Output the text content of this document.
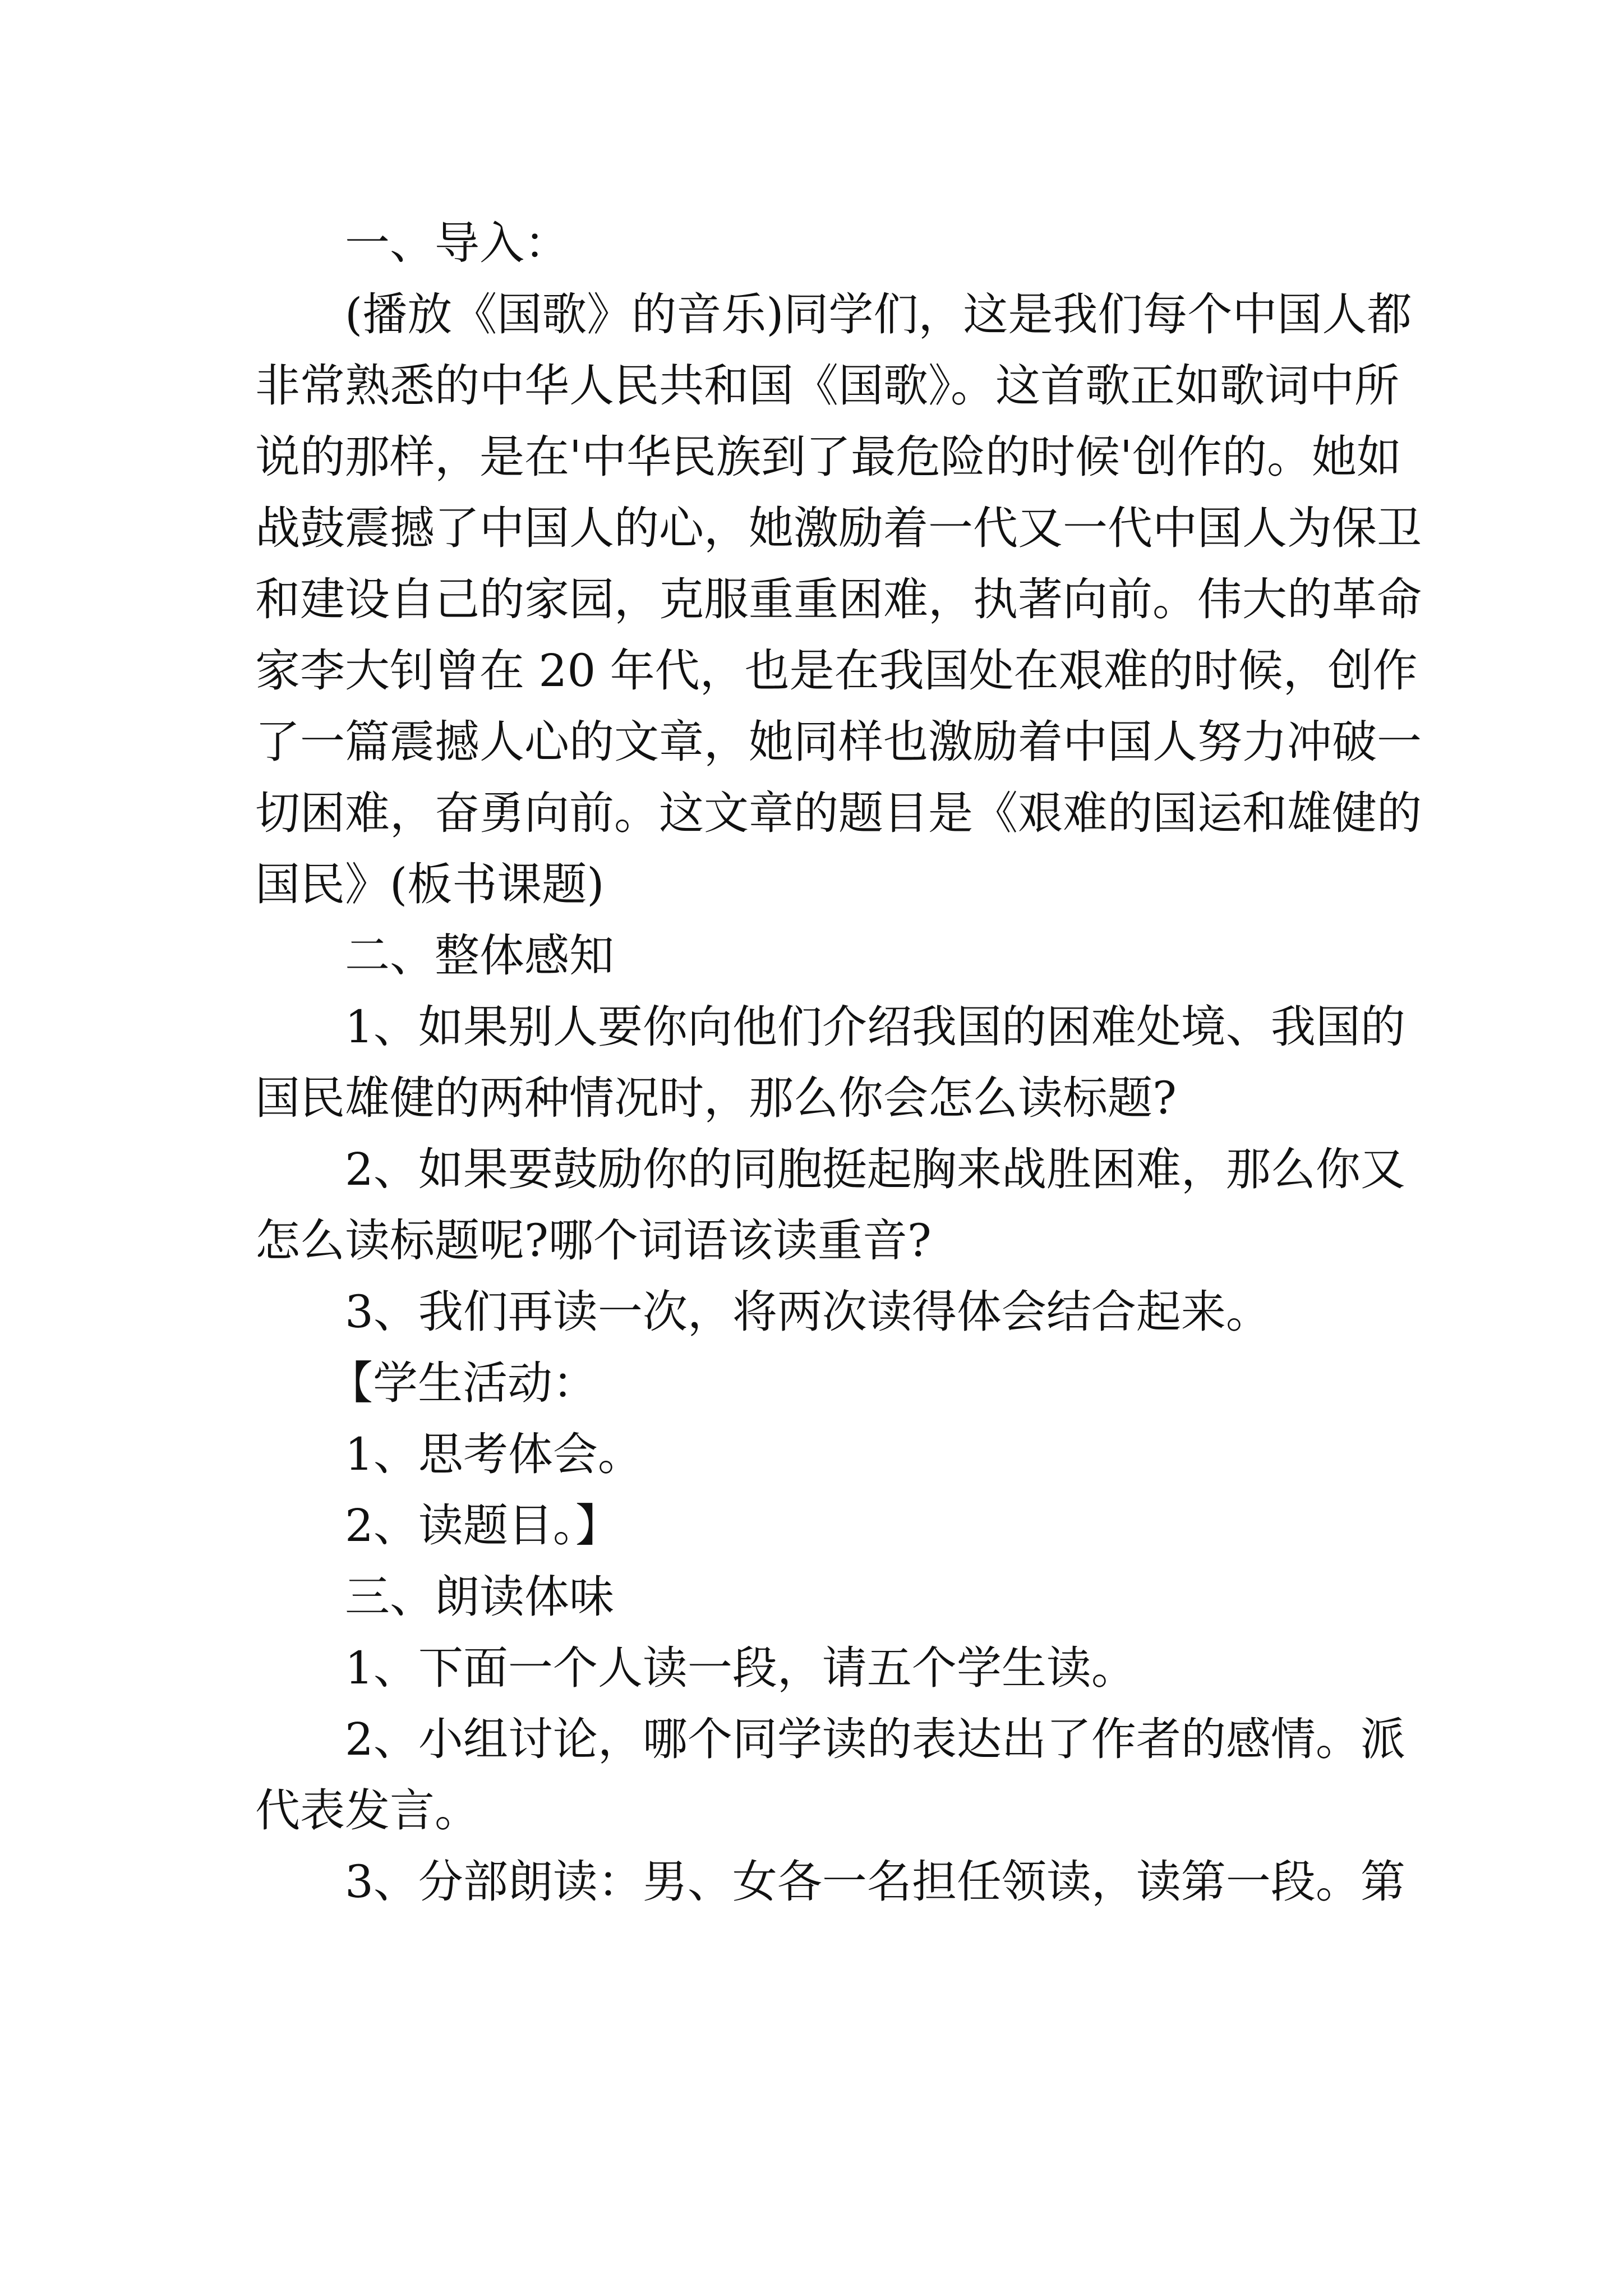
一、导入：
(播放《国歌》的音乐)同学们，这是我们每个中国人都
非常熟悉的中华人民共和国《国歌》。这首歌正如歌词中所
说的那样，是在'中华民族到了最危险的时候'创作的。她如
战鼓震撼了中国人的心，她激励着一代又一代中国人为保卫
和建设自己的家园，克服重重困难，执著向前。伟大的革命
家李大钊曾在 20 年代，也是在我国处在艰难的时候，创作
了一篇震撼人心的文章，她同样也激励着中国人努力冲破一
切困难，奋勇向前。这文章的题目是《艰难的国运和雄健的
国民》(板书课题)
二、整体感知
1、如果别人要你向他们介绍我国的困难处境、我国的
国民雄健的两种情况时，那么你会怎么读标题?
2、如果要鼓励你的同胞挺起胸来战胜困难，那么你又
怎么读标题呢?哪个词语该读重音?
3、我们再读一次，将两次读得体会结合起来。
【学生活动：
1、思考体会。
2、读题目。】
三、朗读体味
1、下面一个人读一段，请五个学生读。
2、小组讨论，哪个同学读的表达出了作者的感情。派
代表发言。
3、分部朗读：男、女各一名担任领读，读第一段。第
